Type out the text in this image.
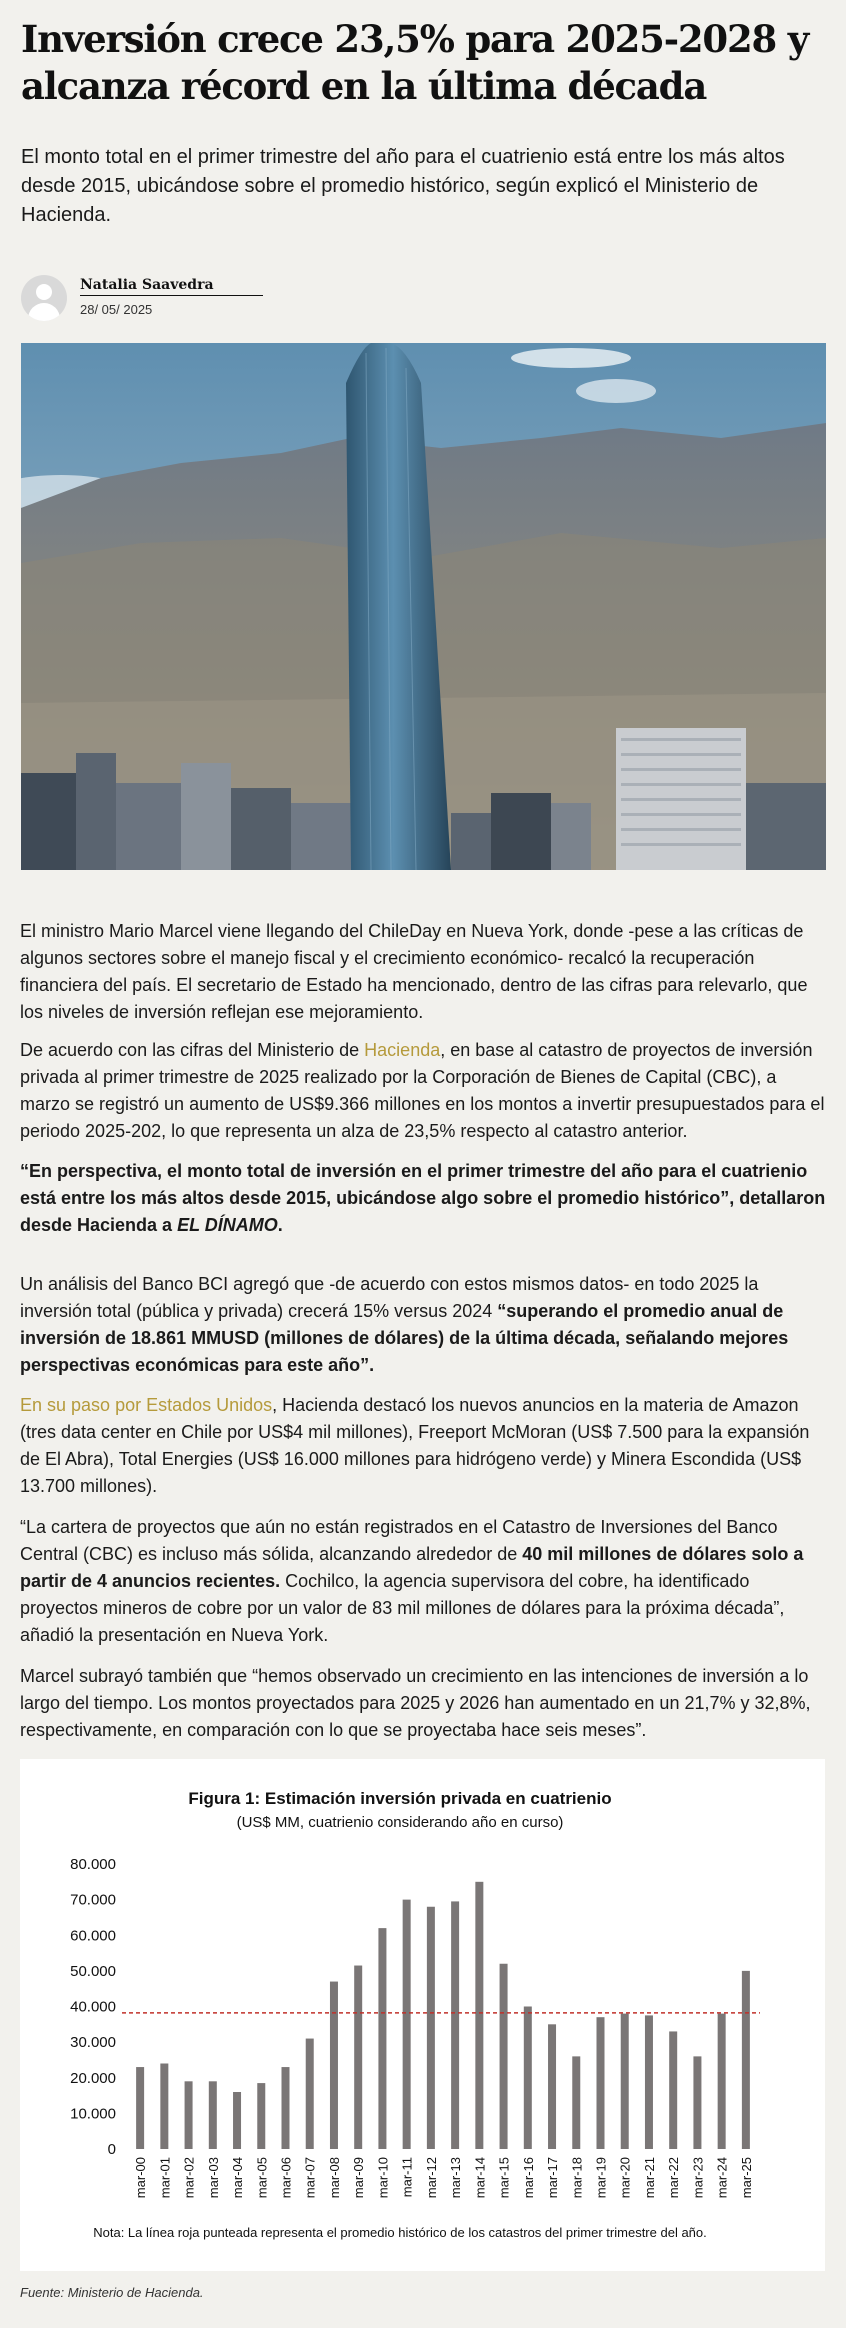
Inversión crece 23,5% para 2025-2028 y alcanza récord en la última década

El monto total en el primer trimestre del año para el cuatrienio está entre los más altos desde 2015, ubicándose sobre el promedio histórico, según explicó el Ministerio de Hacienda.

Natalia Saavedra
28/ 05/ 2025

El ministro Mario Marcel viene llegando del ChileDay en Nueva York, donde -pese a las críticas de algunos sectores sobre el manejo fiscal y el crecimiento económico- recalcó la recuperación financiera del país. El secretario de Estado ha mencionado, dentro de las cifras para relevarlo, que los niveles de inversión reflejan ese mejoramiento.

De acuerdo con las cifras del Ministerio de Hacienda, en base al catastro de proyectos de inversión privada al primer trimestre de 2025 realizado por la Corporación de Bienes de Capital (CBC), a marzo se registró un aumento de US$9.366 millones en los montos a invertir presupuestados para el periodo 2025-202, lo que representa un alza de 23,5% respecto al catastro anterior.

“En perspectiva, el monto total de inversión en el primer trimestre del año para el cuatrienio está entre los más altos desde 2015, ubicándose algo sobre el promedio histórico”, detallaron desde Hacienda a EL DÍNAMO.

Un análisis del Banco BCI agregó que -de acuerdo con estos mismos datos- en todo 2025 la inversión total (pública y privada) crecerá 15% versus 2024 “superando el promedio anual de inversión de 18.861 MMUSD (millones de dólares) de la última década, señalando mejores perspectivas económicas para este año”.

En su paso por Estados Unidos, Hacienda destacó los nuevos anuncios en la materia de Amazon (tres data center en Chile por US$4 mil millones), Freeport McMoran (US$ 7.500 para la expansión de El Abra), Total Energies (US$ 16.000 millones para hidrógeno verde) y Minera Escondida (US$ 13.700 millones).

“La cartera de proyectos que aún no están registrados en el Catastro de Inversiones del Banco Central (CBC) es incluso más sólida, alcanzando alrededor de 40 mil millones de dólares solo a partir de 4 anuncios recientes. Cochilco, la agencia supervisora del cobre, ha identificado proyectos mineros de cobre por un valor de 83 mil millones de dólares para la próxima década”, añadió la presentación en Nueva York.

Marcel subrayó también que “hemos observado un crecimiento en las intenciones de inversión a lo largo del tiempo. Los montos proyectados para 2025 y 2026 han aumentado en un 21,7% y 32,8%, respectivamente, en comparación con lo que se proyectaba hace seis meses”.

Figura 1: Estimación inversión privada en cuatrienio
(US$ MM, cuatrienio considerando año en curso)
0
10.000
20.000
30.000
40.000
50.000
60.000
70.000
80.000
mar-00 mar-01 mar-02 mar-03 mar-04 mar-05 mar-06 mar-07 mar-08 mar-09 mar-10 mar-11 mar-12 mar-13 mar-14 mar-15 mar-16 mar-17 mar-18 mar-19 mar-20 mar-21 mar-22 mar-23 mar-24 mar-25
Nota: La línea roja punteada representa el promedio histórico de los catastros del primer trimestre del año.
Fuente: Ministerio de Hacienda.
